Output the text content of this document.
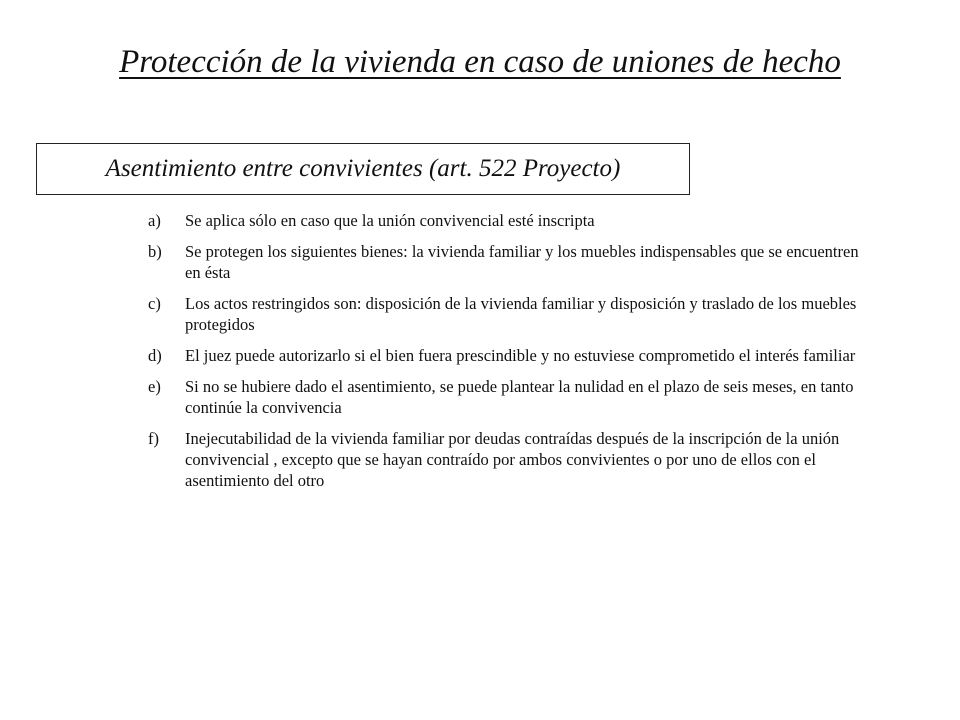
Protección de la vivienda en caso de uniones de hecho
Asentimiento entre convivientes (art. 522 Proyecto)
a)	Se aplica sólo en caso que la unión convivencial esté inscripta
b)	Se protegen los siguientes bienes: la vivienda familiar y los muebles indispensables que se encuentren en ésta
c)	Los actos restringidos son: disposición de la vivienda familiar y disposición y traslado de los muebles protegidos
d)	El juez puede autorizarlo si el bien fuera prescindible y no estuviese comprometido el interés familiar
e)	Si no se hubiere dado el asentimiento, se puede plantear la nulidad en el plazo de seis meses, en tanto continúe la convivencia
f)	Inejecutabilidad de la vivienda familiar por deudas contraídas después de la inscripción de la unión convivencial , excepto que se hayan contraído por ambos convivientes o por uno de ellos con el asentimiento del otro
